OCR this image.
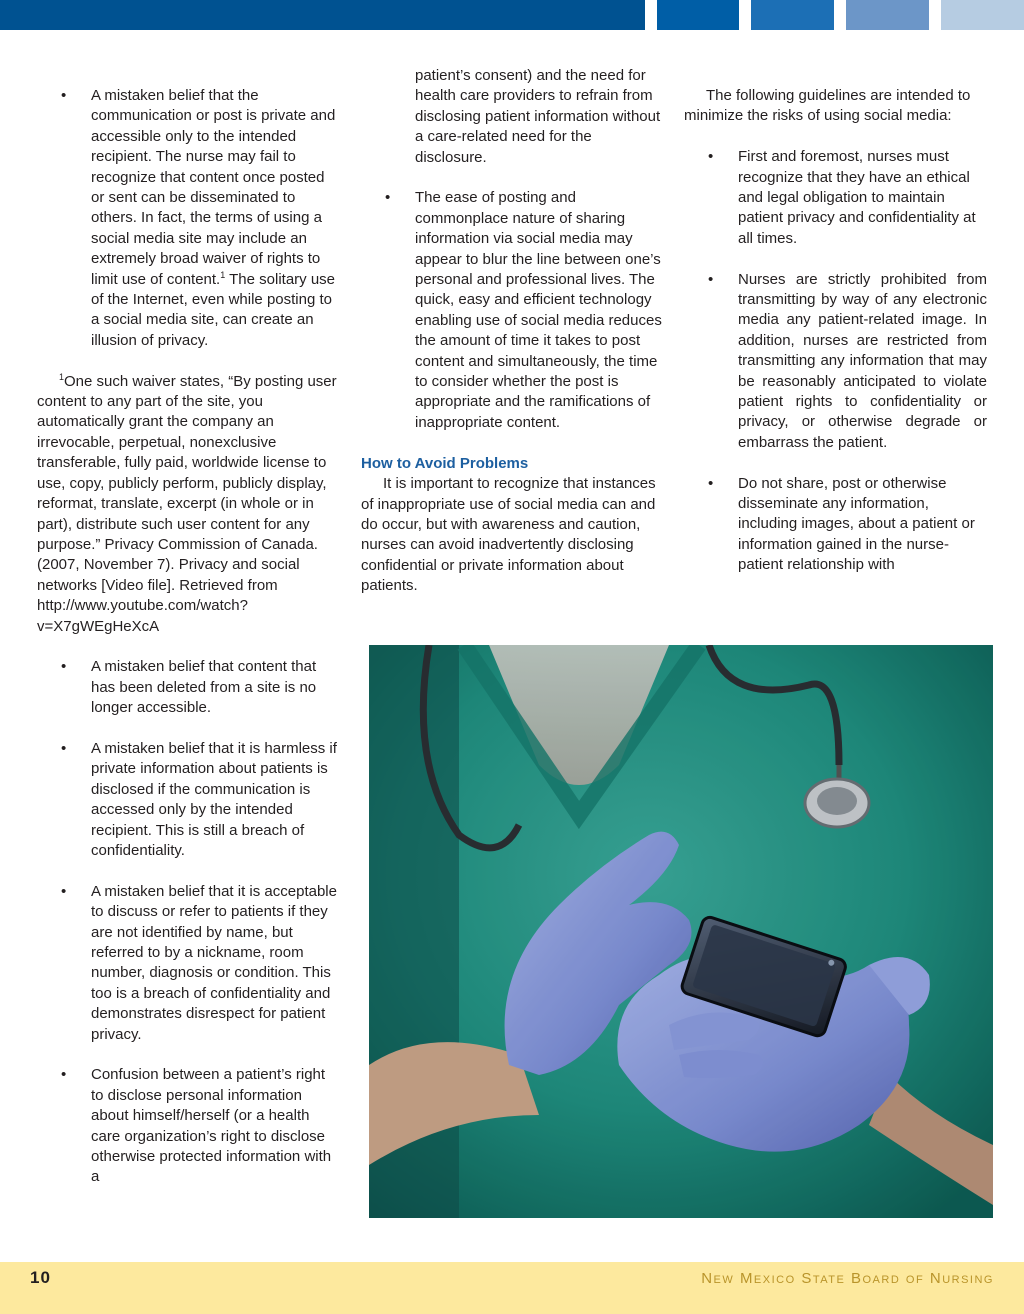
• A mistaken belief that the communication or post is private and accessible only to the intended recipient. The nurse may fail to recognize that content once posted or sent can be disseminated to others. In fact, the terms of using a social media site may include an extremely broad waiver of rights to limit use of content.$^1$ The solitary use of the Internet, even while posting to a social media site, can create an illusion of privacy.

$^1$One such waiver states, “By posting user content to any part of the site, you automatically grant the company an irrevocable, perpetual, nonexclusive transferable, fully paid, worldwide license to use, copy, publicly perform, publicly display, reformat, translate, excerpt (in whole or in part), distribute such user content for any purpose.” Privacy Commission of Canada. (2007, November 7). Privacy and social networks [Video file]. Retrieved from http://www.youtube.com/watch?v=X7gWEgHeXcA

• A mistaken belief that content that has been deleted from a site is no longer accessible.
• A mistaken belief that it is harmless if private information about patients is disclosed if the communication is accessed only by the intended recipient. This is still a breach of confidentiality.
• A mistaken belief that it is acceptable to discuss or refer to patients if they are not identified by name, but referred to by a nickname, room number, diagnosis or condition. This too is a breach of confidentiality and demonstrates disrespect for patient privacy.
• Confusion between a patient’s right to disclose personal information about himself/herself (or a health care organization’s right to disclose otherwise protected information with a

patient’s consent) and the need for health care providers to refrain from disclosing patient information without a care-related need for the disclosure.

• The ease of posting and commonplace nature of sharing information via social media may appear to blur the line between one’s personal and professional lives. The quick, easy and efficient technology enabling use of social media reduces the amount of time it takes to post content and simultaneously, the time to consider whether the post is appropriate and the ramifications of inappropriate content.

How to Avoid Problems

It is important to recognize that instances of inappropriate use of social media can and do occur, but with awareness and caution, nurses can avoid inadvertently disclosing confidential or private information about patients.

The following guidelines are intended to minimize the risks of using social media:

• First and foremost, nurses must recognize that they have an ethical and legal obligation to maintain patient privacy and confidentiality at all times.
• Nurses are strictly prohibited from transmitting by way of any electronic media any patient-related image. In addition, nurses are restricted from transmitting any information that may be reasonably anticipated to violate patient rights to confidentiality or privacy, or otherwise degrade or embarrass the patient.
• Do not share, post or otherwise disseminate any information, including images, about a patient or information gained in the nurse-patient relationship with
10	New Mexico State Board of Nursing
